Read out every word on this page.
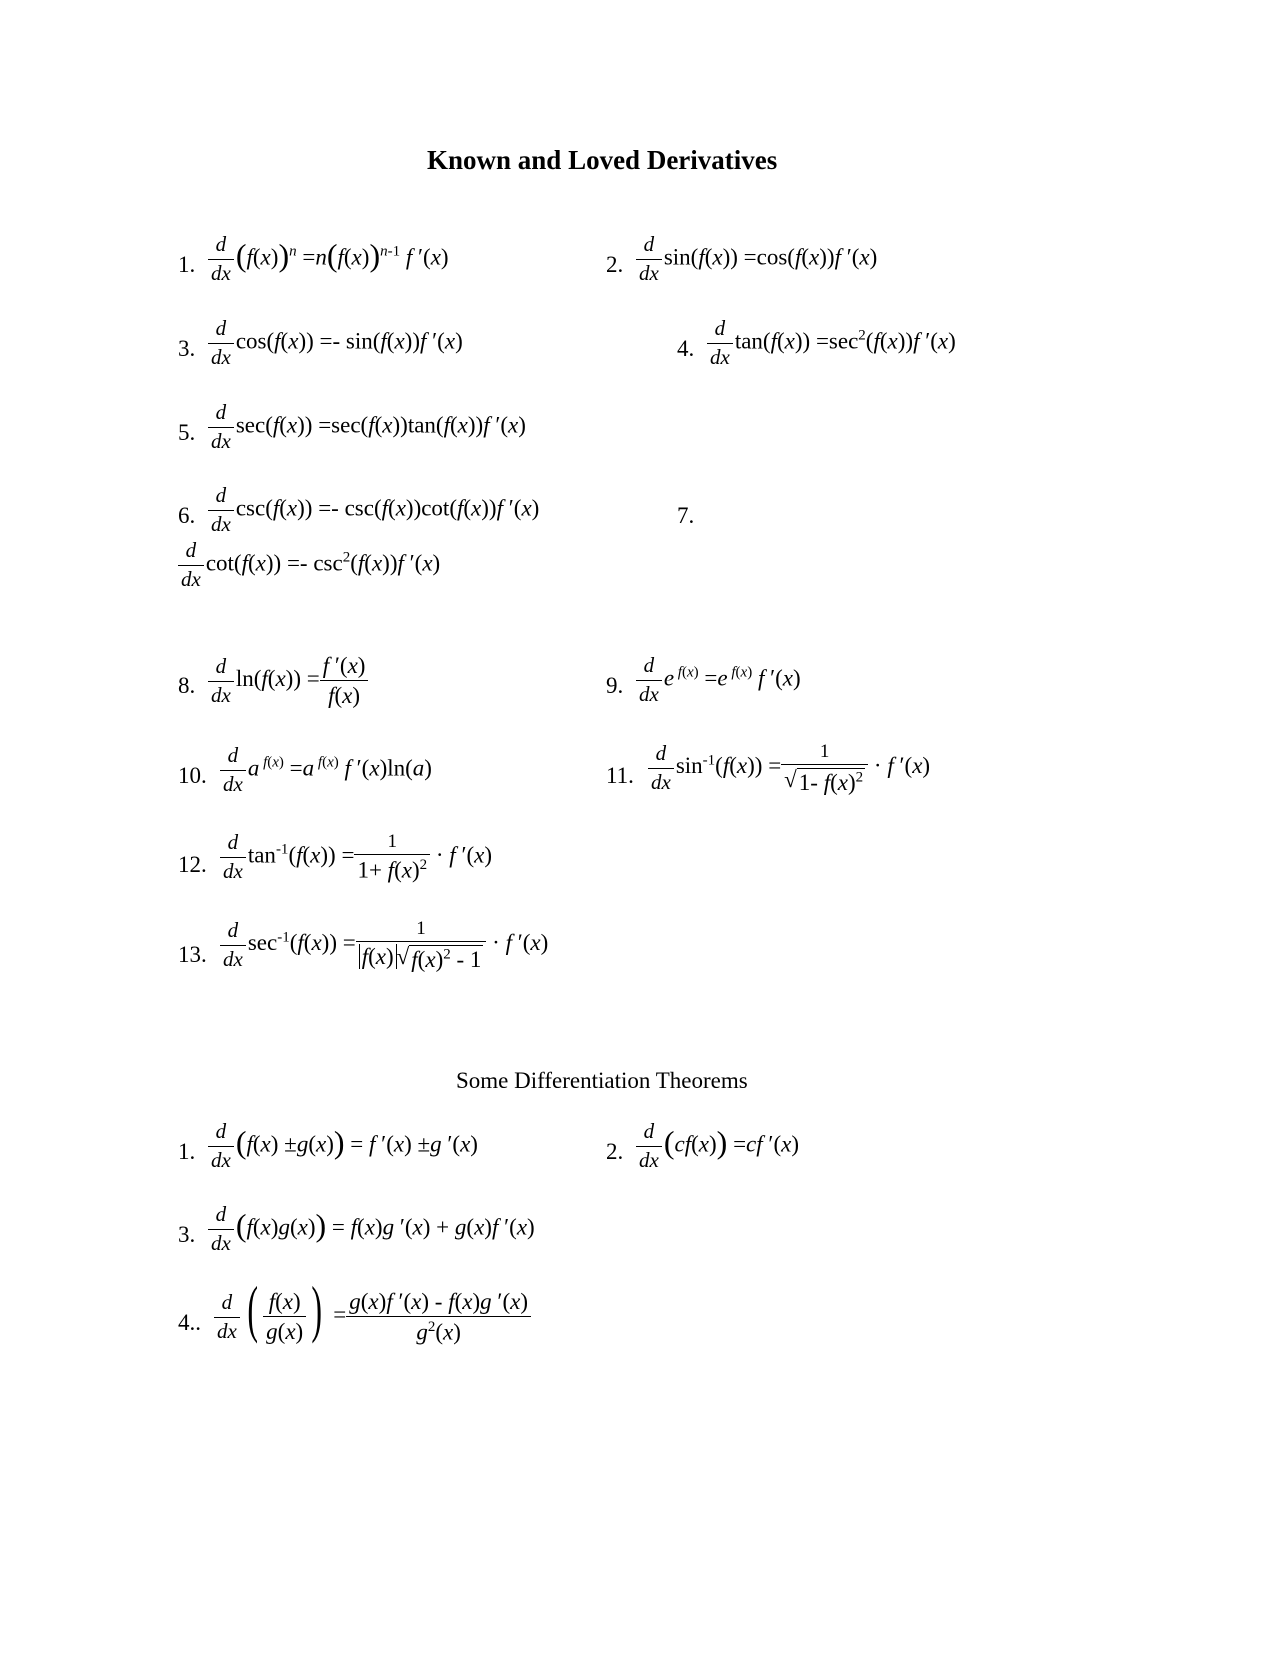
Known and Loved Derivatives
1. $\frac{d}{dx} (f(x))^n =n(f(x))^{n-1}$ f ′(x)	2. $\frac{d}{dx} \sin(f(x)) =\cos(f(x))f$ ′(x)
3. $\frac{d}{dx} \cos(f(x)) =- \sin(f(x))f$ ′(x)	4. $\frac{d}{dx} \tan(f(x)) =\sec^2(f(x))f$ ′(x)
5. $\frac{d}{dx} \sec(f(x)) =\sec(f(x))\tan(f(x))f$ ′(x)
6. $\frac{d}{dx} \csc(f(x)) =- \csc(f(x))\cot(f(x))f$ ′(x)	7.
$\frac{d}{dx} \cot(f(x)) =- \csc^2(f(x))f$ ′(x)
8. $\frac{d}{dx} \ln(f(x)) = \frac{f '(x)}{f(x)}$	9. $\frac{d}{dx}$ e $^{f(x)}$ =e $^{f(x)}$ f ′(x)
10. $\frac{d}{dx}$ a $^{f(x)}$ =a $^{f(x)}$ f ′(x)ln(a)	11. $\frac{d}{dx} \sin^{-1}(f(x)) = \frac{1}{√1- f(x)^2} \cdot f$ ′(x)
12. $\frac{d}{dx} \tan^{-1}(f(x)) = \frac{1}{1+ f(x)^2} \cdot f$ ′(x)
13. $\frac{d}{dx} \sec^{-1}(f(x)) = \frac{1}{f(x) √f(x)^2 - 1} \cdot f$ ′(x)
Some Differentiation Theorems
1. $\frac{d}{dx} (f(x) \pm g(x)) = f$ ′(x) ±g ′(x)	2. $\frac{d}{dx} (cf(x)) =cf$ ′(x)
3. $\frac{d}{dx} (f(x)g(x)) = f(x)g$ ′(x) + g(x)f ′(x)
4.. $\frac{d}{dx}$ ( $\frac{f(x)}{g(x)}$ ) = $\frac{g(x)f '(x) - f(x)g '(x)}{g^2(x)}$
